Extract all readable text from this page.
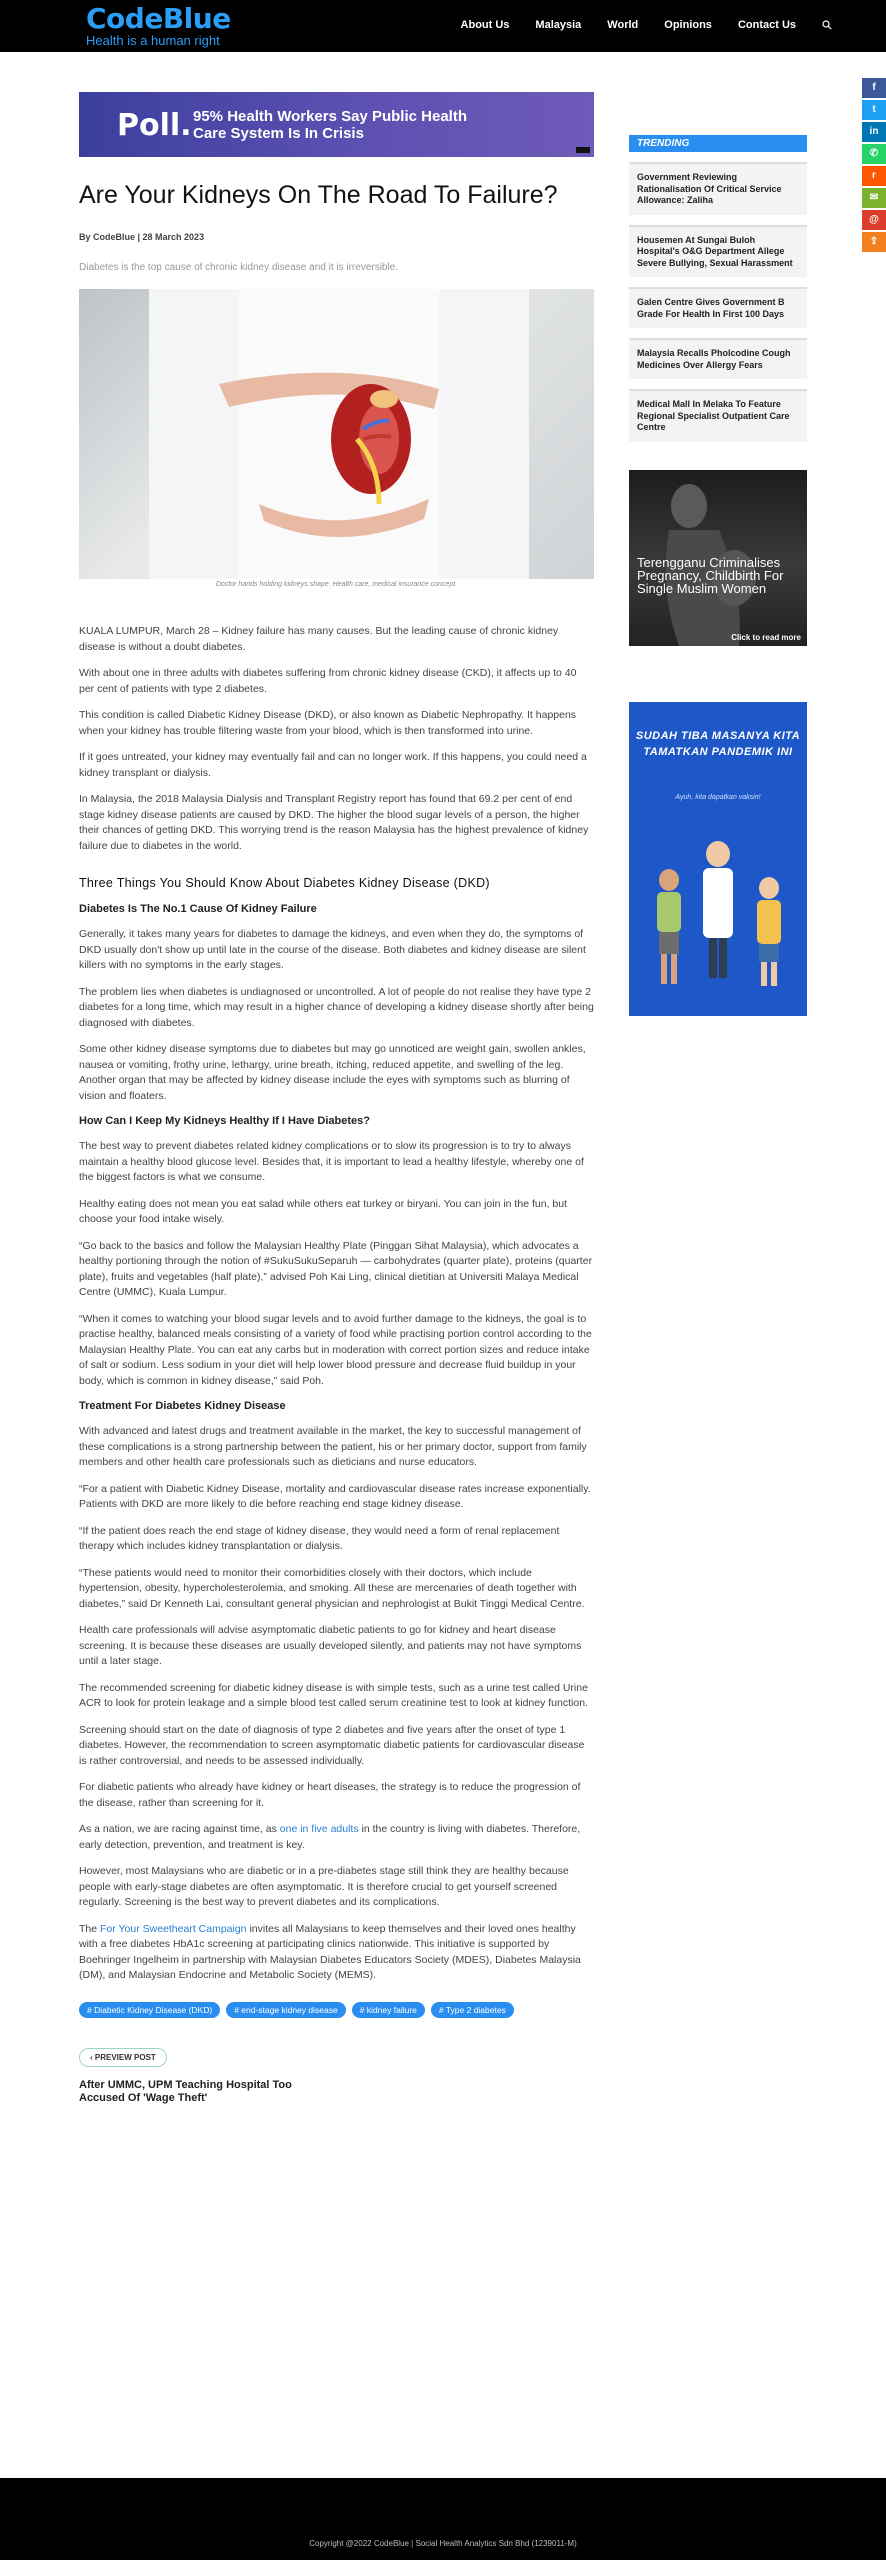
CodeBlue
Health is a human right
About Us Malaysia World Opinions Contact Us
f
t
in
✆
r
✉
@
⇪
Poll. 95% Health Workers Say Public Health Care System Is In Crisis
Are Your Kidneys On The Road To Failure?
By CodeBlue | 28 March 2023
Diabetes is the top cause of chronic kidney disease and it is irreversible.
Doctor hands holding kidneys shape. Health care, medical insurance concept.

KUALA LUMPUR, March 28 – Kidney failure has many causes. But the leading cause of chronic kidney disease is without a doubt diabetes.

With about one in three adults with diabetes suffering from chronic kidney disease (CKD), it affects up to 40 per cent of patients with type 2 diabetes.

This condition is called Diabetic Kidney Disease (DKD), or also known as Diabetic Nephropathy. It happens when your kidney has trouble filtering waste from your blood, which is then transformed into urine.

If it goes untreated, your kidney may eventually fail and can no longer work. If this happens, you could need a kidney transplant or dialysis.

In Malaysia, the 2018 Malaysia Dialysis and Transplant Registry report has found that 69.2 per cent of end stage kidney disease patients are caused by DKD. The higher the blood sugar levels of a person, the higher their chances of getting DKD. This worrying trend is the reason Malaysia has the highest prevalence of kidney failure due to diabetes in the world.

Three Things You Should Know About Diabetes Kidney Disease (DKD)
Diabetes Is The No.1 Cause Of Kidney Failure

Generally, it takes many years for diabetes to damage the kidneys, and even when they do, the symptoms of DKD usually don't show up until late in the course of the disease. Both diabetes and kidney disease are silent killers with no symptoms in the early stages.

The problem lies when diabetes is undiagnosed or uncontrolled. A lot of people do not realise they have type 2 diabetes for a long time, which may result in a higher chance of developing a kidney disease shortly after being diagnosed with diabetes.

Some other kidney disease symptoms due to diabetes but may go unnoticed are weight gain, swollen ankles, nausea or vomiting, frothy urine, lethargy, urine breath, itching, reduced appetite, and swelling of the leg. Another organ that may be affected by kidney disease include the eyes with symptoms such as blurring of vision and floaters.

How Can I Keep My Kidneys Healthy If I Have Diabetes?

The best way to prevent diabetes related kidney complications or to slow its progression is to try to always maintain a healthy blood glucose level. Besides that, it is important to lead a healthy lifestyle, whereby one of the biggest factors is what we consume.

Healthy eating does not mean you eat salad while others eat turkey or biryani. You can join in the fun, but choose your food intake wisely.

“Go back to the basics and follow the Malaysian Healthy Plate (Pinggan Sihat Malaysia), which advocates a healthy portioning through the notion of #SukuSukuSeparuh — carbohydrates (quarter plate), proteins (quarter plate), fruits and vegetables (half plate),” advised Poh Kai Ling, clinical dietitian at Universiti Malaya Medical Centre (UMMC), Kuala Lumpur.

“When it comes to watching your blood sugar levels and to avoid further damage to the kidneys, the goal is to practise healthy, balanced meals consisting of a variety of food while practising portion control according to the Malaysian Healthy Plate. You can eat any carbs but in moderation with correct portion sizes and reduce intake of salt or sodium. Less sodium in your diet will help lower blood pressure and decrease fluid buildup in your body, which is common in kidney disease,” said Poh.

Treatment For Diabetes Kidney Disease

With advanced and latest drugs and treatment available in the market, the key to successful management of these complications is a strong partnership between the patient, his or her primary doctor, support from family members and other health care professionals such as dieticians and nurse educators.

“For a patient with Diabetic Kidney Disease, mortality and cardiovascular disease rates increase exponentially. Patients with DKD are more likely to die before reaching end stage kidney disease.

“If the patient does reach the end stage of kidney disease, they would need a form of renal replacement therapy which includes kidney transplantation or dialysis.

“These patients would need to monitor their comorbidities closely with their doctors, which include hypertension, obesity, hypercholesterolemia, and smoking. All these are mercenaries of death together with diabetes,” said Dr Kenneth Lai, consultant general physician and nephrologist at Bukit Tinggi Medical Centre.

Health care professionals will advise asymptomatic diabetic patients to go for kidney and heart disease screening. It is because these diseases are usually developed silently, and patients may not have symptoms until a later stage.

The recommended screening for diabetic kidney disease is with simple tests, such as a urine test called Urine ACR to look for protein leakage and a simple blood test called serum creatinine test to look at kidney function.

Screening should start on the date of diagnosis of type 2 diabetes and five years after the onset of type 1 diabetes. However, the recommendation to screen asymptomatic diabetic patients for cardiovascular disease is rather controversial, and needs to be assessed individually.

For diabetic patients who already have kidney or heart diseases, the strategy is to reduce the progression of the disease, rather than screening for it.

As a nation, we are racing against time, as one in five adults in the country is living with diabetes. Therefore, early detection, prevention, and treatment is key.

However, most Malaysians who are diabetic or in a pre-diabetes stage still think they are healthy because people with early-stage diabetes are often asymptomatic. It is therefore crucial to get yourself screened regularly. Screening is the best way to prevent diabetes and its complications.

The For Your Sweetheart Campaign invites all Malaysians to keep themselves and their loved ones healthy with a free diabetes HbA1c screening at participating clinics nationwide. This initiative is supported by Boehringer Ingelheim in partnership with Malaysian Diabetes Educators Society (MDES), Diabetes Malaysia (DM), and Malaysian Endocrine and Metabolic Society (MEMS).

# Diabetic Kidney Disease (DKD)	# end-stage kidney disease	# kidney failure	# Type 2 diabetes
‹ PREVIEW POST
After UMMC, UPM Teaching Hospital Too Accused Of 'Wage Theft'
TRENDING
Government Reviewing Rationalisation Of Critical Service Allowance: Zaliha
Housemen At Sungai Buloh Hospital's O&G Department Allege Severe Bullying, Sexual Harassment
Galen Centre Gives Government B Grade For Health In First 100 Days
Malaysia Recalls Pholcodine Cough Medicines Over Allergy Fears
Medical Mall In Melaka To Feature Regional Specialist Outpatient Care Centre
Terengganu Criminalises Pregnancy, Childbirth For Single Muslim Women
Click to read more
SUDAH TIBA MASANYA KITA TAMATKAN PANDEMIK INI
Ayuh, kita dapatkan vaksin!
Copyright @2022 CodeBlue | Social Health Analytics Sdn Bhd (1239011-M)
